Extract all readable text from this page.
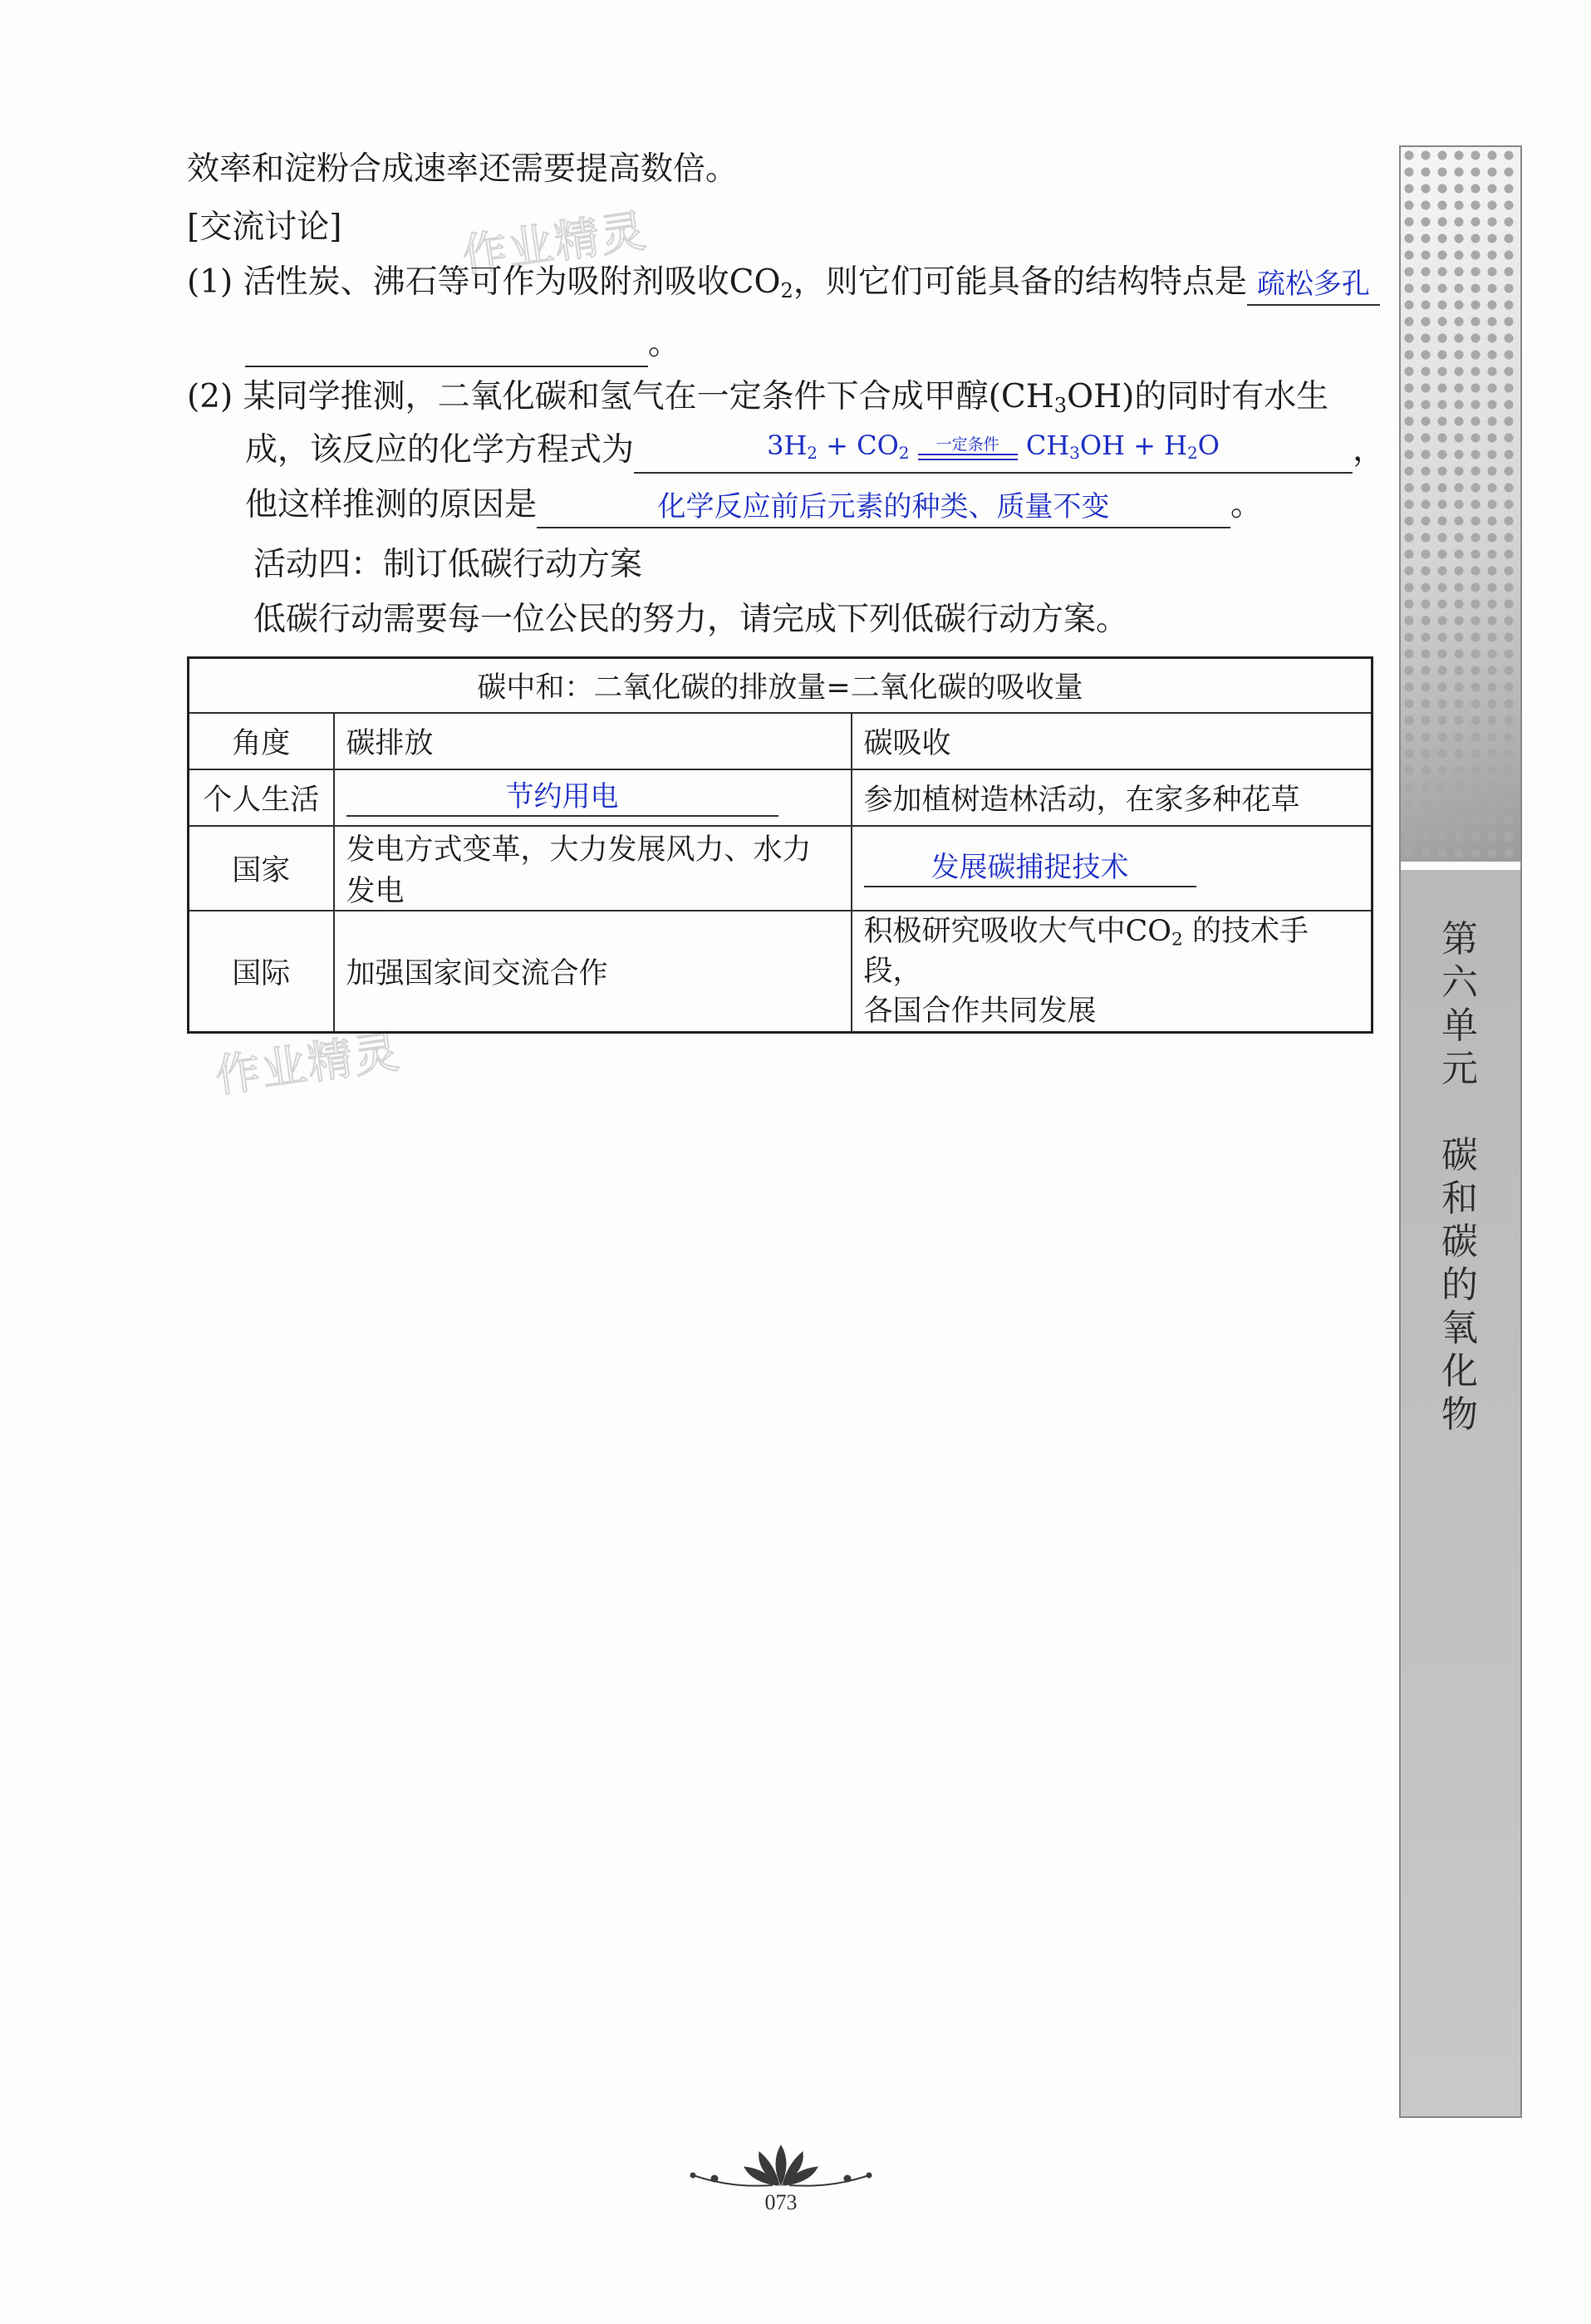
作业精灵
作业精灵
效率和淀粉合成速率还需要提高数倍。
[交流讨论]
(1) 活性炭、沸石等可作为吸附剂吸收$CO_2$，则它们可能具备的结构特点是 疏松多孔
。
(2) 某同学推测，二氧化碳和氢气在一定条件下合成甲醇$(CH_3OH)$的同时有水生
成，该反应的化学方程式为	$3H_2 + CO_2$	一定条件	$CH_3OH + H_2O$	，
他这样推测的原因是	化学反应前后元素的种类、质量不变	。
活动四：制订低碳行动方案
低碳行动需要每一位公民的努力，请完成下列低碳行动方案。
碳中和：二氧化碳的排放量=二氧化碳的吸收量		
角度	碳排放	碳吸收
个人生活	节约用电	参加植树造林活动，在家多种花草
国家	发电方式变革，大力发展风力、水力发电	发展碳捕捉技术

国际	加强国家间交流合作	积极研究吸收大气中$CO_2$ 的技术手段，
各国合作共同发展
第六单元
碳和碳的氧化物
073
